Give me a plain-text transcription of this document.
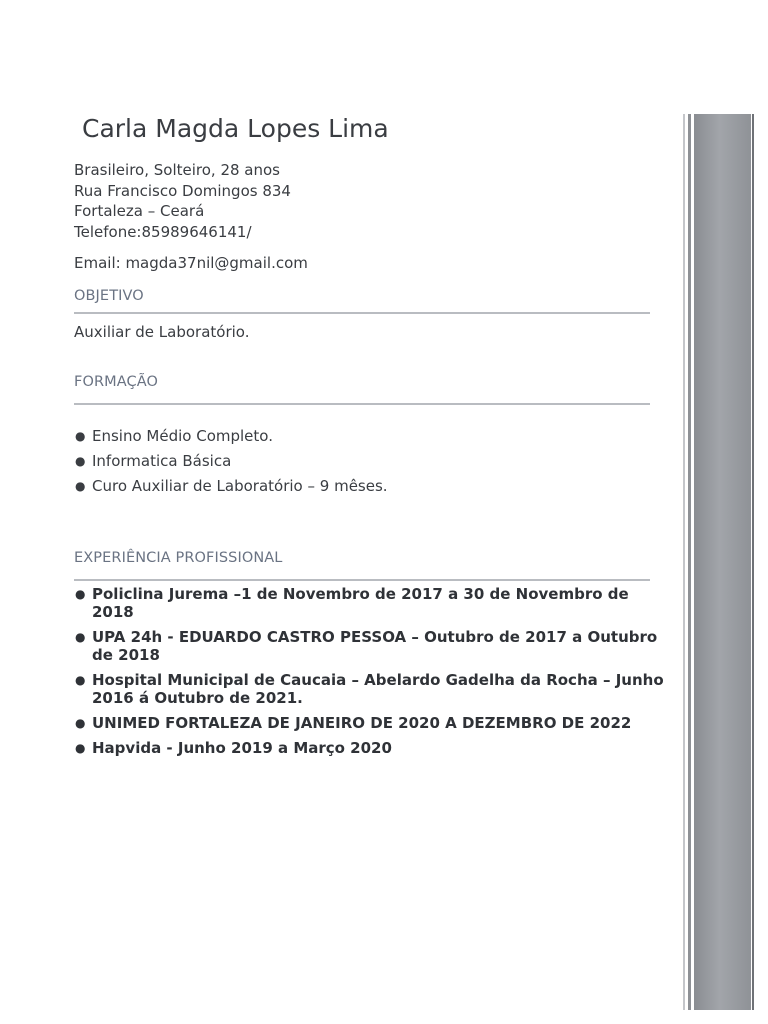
Carla Magda Lopes Lima
Brasileiro, Solteiro, 28 anos
Rua Francisco Domingos 834
Fortaleza – Ceará
Telefone:85989646141/
Email: magda37nil@gmail.com
OBJETIVO
Auxiliar de Laboratório.
FORMAÇÃO
● Ensino Médio Completo.
● Informatica Básica
● Curo Auxiliar de Laboratório – 9 mêses.
EXPERIÊNCIA PROFISSIONAL
● Policlina Jurema –1 de Novembro de 2017 a 30 de Novembro de 2018
● UPA 24h - EDUARDO CASTRO PESSOA – Outubro de 2017 a Outubro de 2018
● Hospital Municipal de Caucaia – Abelardo Gadelha da Rocha – Junho 2016 á Outubro de 2021.
● UNIMED FORTALEZA DE JANEIRO DE 2020 A DEZEMBRO DE 2022
● Hapvida - Junho 2019 a Março 2020
